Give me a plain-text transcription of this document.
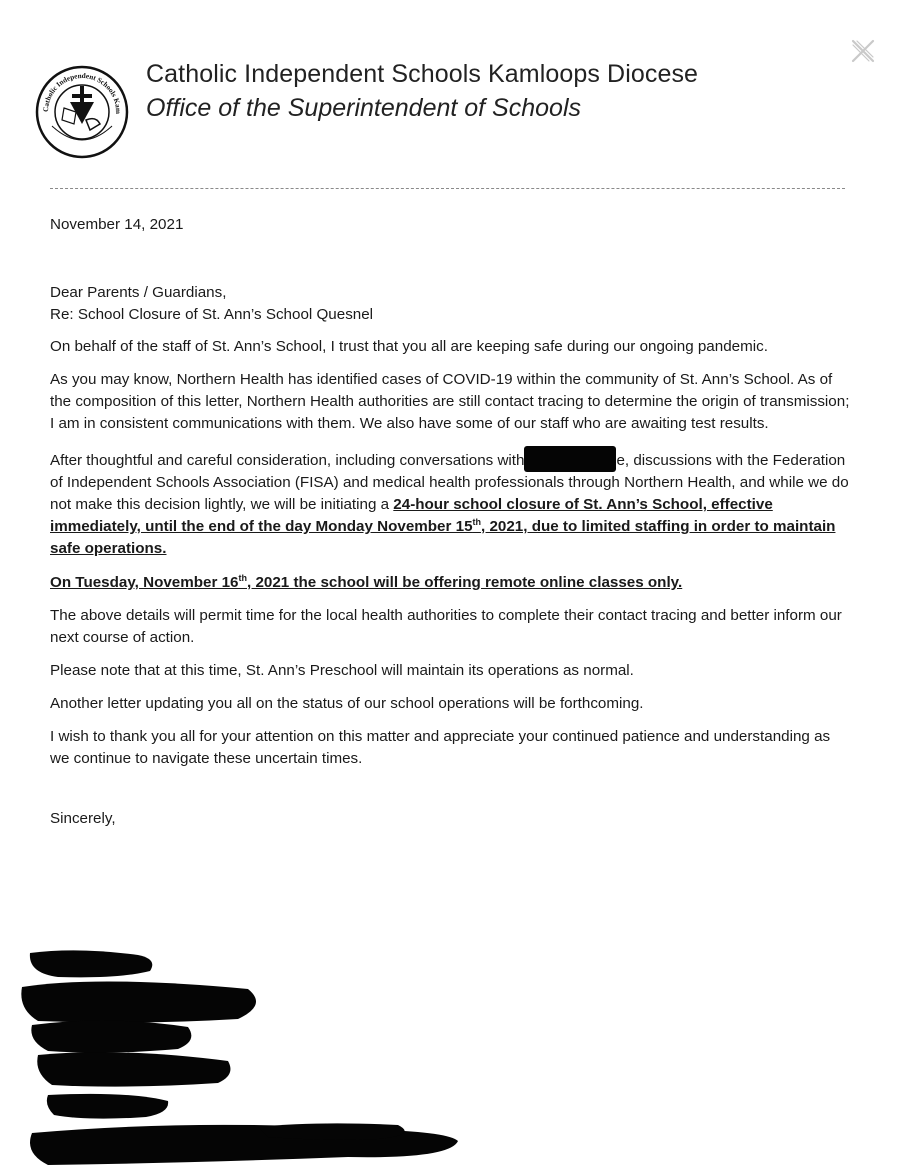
Catholic Independent Schools Kam
Catholic Independent Schools Kamloops Diocese
Office of the Superintendent of Schools

November 14, 2021

Dear Parents / Guardians,

Re: School Closure of St. Ann’s School Quesnel

On behalf of the staff of St. Ann’s School, I trust that you all are keeping safe during our ongoing pandemic.

As you may know, Northern Health has identified cases of COVID-19 within the community of St. Ann’s School. As of the composition of this letter, Northern Health authorities are still contact tracing to determine the origin of transmission; I am in consistent communications with them. We also have some of our staff who are awaiting test results.

After thoughtful and careful consideration, including conversations with	e, discussions with the Federation of Independent Schools Association (FISA) and medical health professionals through Northern Health, and while we do not make this decision lightly, we will be initiating a 24-hour school closure of St. Ann’s School, effective immediately, until the end of the day Monday November 15th, 2021, due to limited staffing in order to maintain safe operations.

On Tuesday, November 16th, 2021 the school will be offering remote online classes only.

The above details will permit time for the local health authorities to complete their contact tracing and better inform our next course of action.

Please note that at this time, St. Ann’s Preschool will maintain its operations as normal.

Another letter updating you all on the status of our school operations will be forthcoming.

I wish to thank you all for your attention on this matter and appreciate your continued patience and understanding as we continue to navigate these uncertain times.

Sincerely,
